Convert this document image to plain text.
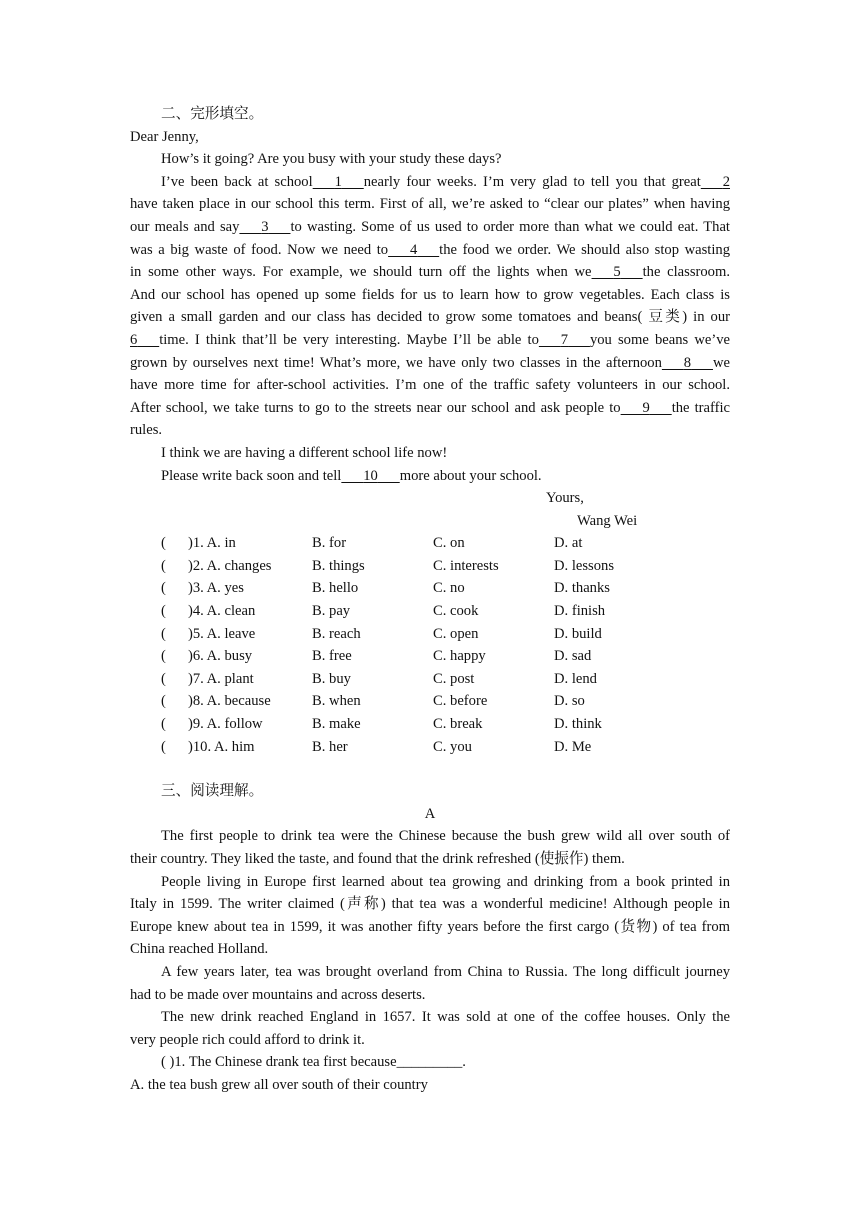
二、完形填空。
Dear Jenny,
How’s it going? Are you busy with your study these days?
I’ve been back at school    1    nearly four weeks. I’m very glad to tell you that great    2
have taken place in our school this term. First of all, we’re asked to “clear our plates” when having
our meals and say    3    to wasting. Some of us used to order more than what we could eat. That
was a big waste of food. Now we need to    4    the food we order. We should also stop wasting
in some other ways. For example, we should turn off the lights when we    5    the classroom.
And our school has opened up some fields for us to learn how to grow vegetables. Each class is
given a small garden and our class has decided to grow some tomatoes and beans( 豆类) in our
6    time. I think that’ll be very interesting. Maybe I’ll be able to    7    you some beans we’ve
grown by ourselves next time! What’s more, we have only two classes in the afternoon    8    we
have more time for after-school activities. I’m one of the traffic safety volunteers in our school.
After school, we take turns to go to the streets near our school and ask people to    9    the traffic
rules.
I think we are having a different school life now!
Please write back soon and tell    10    more about your school.
Yours,
Wang Wei
( )1. A. in	B. for	C. on	D. at
( )2. A. changes	B. things	C. interests	D. lessons
( )3. A. yes	B. hello	C. no	D. thanks
( )4. A. clean	B. pay	C. cook	D. finish
( )5. A. leave	B. reach	C. open	D. build
( )6. A. busy	B. free	C. happy	D. sad
( )7. A. plant	B. buy	C. post	D. lend
( )8. A. because	B. when	C. before	D. so
( )9. A. follow	B. make	C. break	D. think
( )10. A. him	B. her	C. you	D. Me
三、阅读理解。
A
The first people to drink tea were the Chinese because the bush grew wild all over south of
their country. They liked the taste, and found that the drink refreshed (使振作) them.
People living in Europe first learned about tea growing and drinking from a book printed in
Italy in 1599. The writer claimed (声称) that tea was a wonderful medicine! Although people in
Europe knew about tea in 1599, it was another fifty years before the first cargo (货物) of tea from
China reached Holland.
A few years later, tea was brought overland from China to Russia. The long difficult journey
had to be made over mountains and across deserts.
The new drink reached England in 1657. It was sold at one of the coffee houses. Only the
very people rich could afford to drink it.
( )1. The Chinese drank tea first because_________.
A. the tea bush grew all over south of their country
